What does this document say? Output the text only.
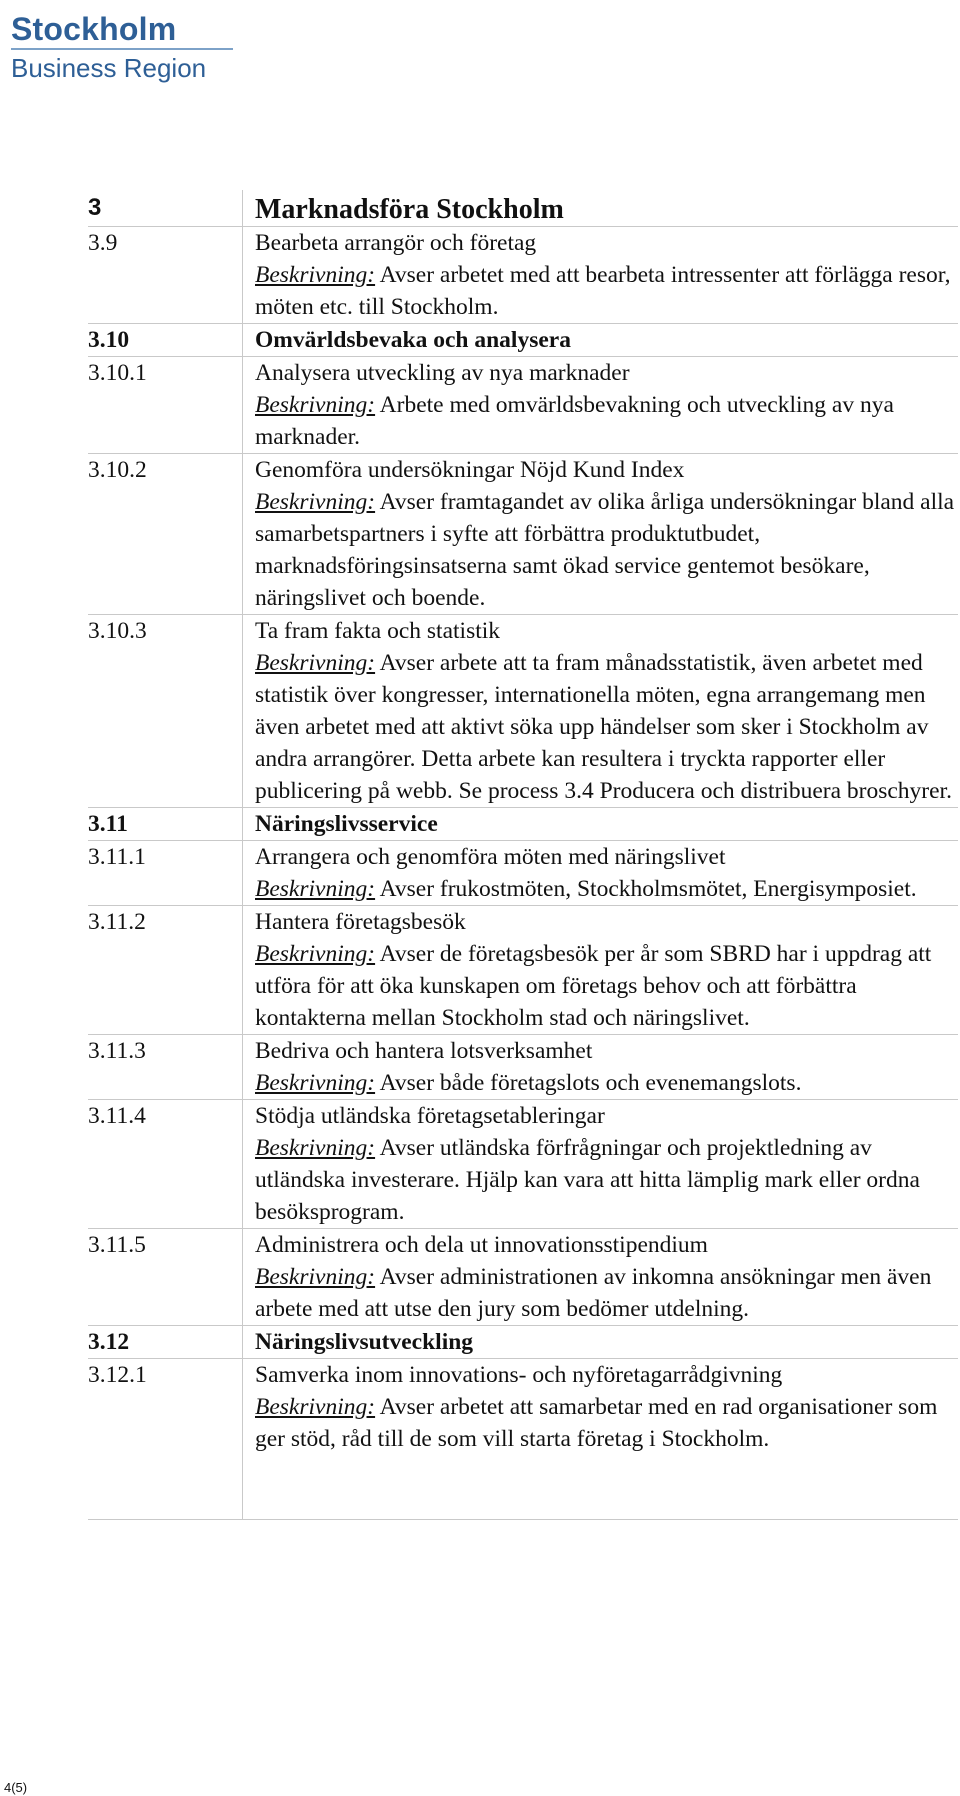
Stockholm
Business Region
3	Marknadsföra Stockholm
3.9	Bearbeta arrangör och företag
Beskrivning: Avser arbetet med att bearbeta intressenter att förlägga resor, möten etc. till Stockholm.

3.10	Omvärldsbevaka och analysera
3.10.1	Analysera utveckling av nya marknader
Beskrivning: Arbete med omvärldsbevakning och utveckling av nya marknader.

3.10.2	Genomföra undersökningar Nöjd Kund Index
Beskrivning: Avser framtagandet av olika årliga undersökningar bland alla samarbetspartners i syfte att förbättra produktutbudet, marknadsföringsinsatserna samt ökad service gentemot besökare, näringslivet och boende.

3.10.3	Ta fram fakta och statistik
Beskrivning: Avser arbete att ta fram månadsstatistik, även arbetet med statistik över kongresser, internationella möten, egna arrangemang men även arbetet med att aktivt söka upp händelser som sker i Stockholm av andra arrangörer. Detta arbete kan resultera i tryckta rapporter eller publicering på webb. Se process 3.4 Producera och distribuera broschyrer.

3.11	Näringslivsservice
3.11.1	Arrangera och genomföra möten med näringslivet
Beskrivning: Avser frukostmöten, Stockholmsmötet, Energisymposiet.

3.11.2	Hantera företagsbesök
Beskrivning: Avser de företagsbesök per år som SBRD har i uppdrag att utföra för att öka kunskapen om företags behov och att förbättra kontakterna mellan Stockholm stad och näringslivet.

3.11.3	Bedriva och hantera lotsverksamhet
Beskrivning: Avser både företagslots och evenemangslots.

3.11.4	Stödja utländska företagsetableringar
Beskrivning: Avser utländska förfrågningar och projektledning av utländska investerare. Hjälp kan vara att hitta lämplig mark eller ordna besöksprogram.

3.11.5	Administrera och dela ut innovationsstipendium
Beskrivning: Avser administrationen av inkomna ansökningar men även arbete med att utse den jury som bedömer utdelning.

3.12	Näringslivsutveckling
3.12.1	Samverka inom innovations- och nyföretagarrådgivning
Beskrivning: Avser arbetet att samarbetar med en rad organisationer som ger stöd, råd till de som vill starta företag i Stockholm.

4(5)
